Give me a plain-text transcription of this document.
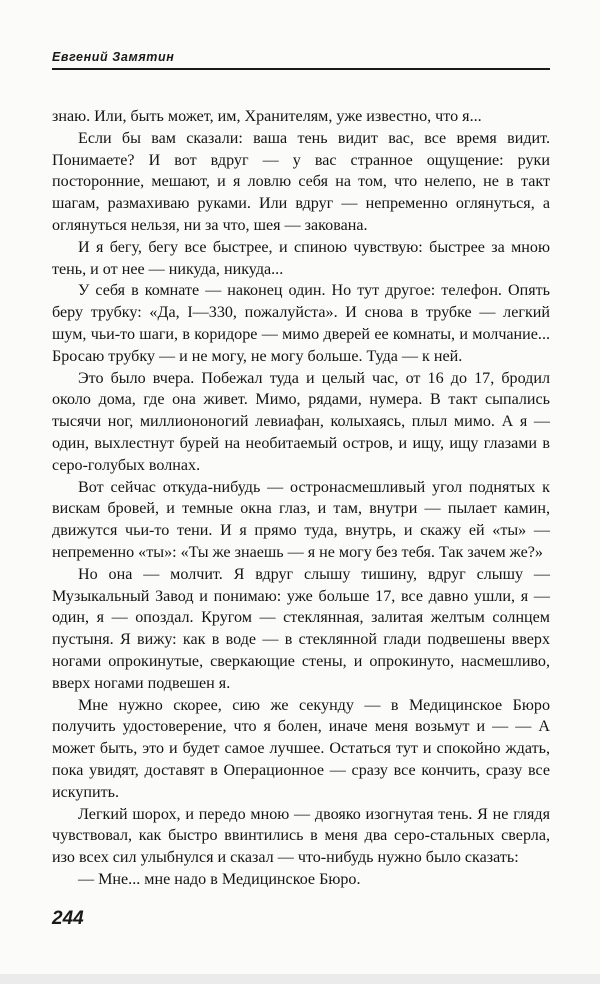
Евгений Замятин

знаю. Или, быть может, им, Хранителям, уже известно, что я...

Если бы вам сказали: ваша тень видит вас, все время видит. Понимаете? И вот вдруг — у вас странное ощущение: руки посторонние, мешают, и я ловлю себя на том, что нелепо, не в такт шагам, размахиваю руками. Или вдруг — непременно оглянуться, а оглянуться нельзя, ни за что, шея — закована.

И я бегу, бегу все быстрее, и спиною чувствую: быстрее за мною тень, и от нее — никуда, никуда...

У себя в комнате — наконец один. Но тут другое: телефон. Опять беру трубку: «Да, I—330, пожалуйста». И снова в трубке — легкий шум, чьи-то шаги, в коридоре — мимо дверей ее комнаты, и молчание... Бросаю трубку — и не могу, не могу больше. Туда — к ней.

Это было вчера. Побежал туда и целый час, от 16 до 17, бродил около дома, где она живет. Мимо, рядами, нумера. В такт сыпались тысячи ног, миллиононогий левиафан, колыхаясь, плыл мимо. А я — один, выхлестнут бурей на необитаемый остров, и ищу, ищу глазами в серо-голубых волнах.

Вот сейчас откуда-нибудь — остронасмешливый угол поднятых к вискам бровей, и темные окна глаз, и там, внутри — пылает камин, движутся чьи-то тени. И я прямо туда, внутрь, и скажу ей «ты» — непременно «ты»: «Ты же знаешь — я не могу без тебя. Так зачем же?»

Но она — молчит. Я вдруг слышу тишину, вдруг слышу — Музыкальный Завод и понимаю: уже больше 17, все давно ушли, я — один, я — опоздал. Кругом — стеклянная, залитая желтым солнцем пустыня. Я вижу: как в воде — в стеклянной глади подвешены вверх ногами опрокинутые, сверкающие стены, и опрокинуто, насмешливо, вверх ногами подвешен я.

Мне нужно скорее, сию же секунду — в Медицинское Бюро получить удостоверение, что я болен, иначе меня возьмут и — — А может быть, это и будет самое лучшее. Остаться тут и спокойно ждать, пока увидят, доставят в Операционное — сразу все кончить, сразу все искупить.

Легкий шорох, и передо мною — двояко изогнутая тень. Я не глядя чувствовал, как быстро ввинтились в меня два серо-стальных сверла, изо всех сил улыбнулся и сказал — что-нибудь нужно было сказать:

— Мне... мне надо в Медицинское Бюро.

244
